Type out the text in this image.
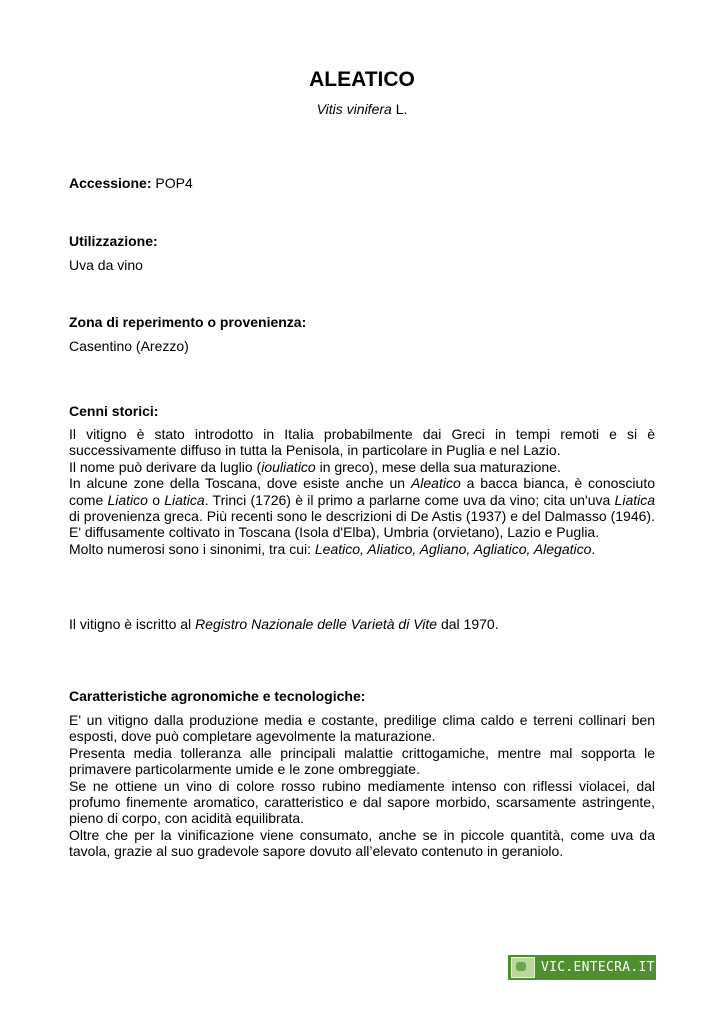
ALEATICO
Vitis vinifera L.
Accessione: POP4
Utilizzazione:
Uva da vino
Zona di reperimento o provenienza:
Casentino (Arezzo)
Cenni storici:
Il vitigno è stato introdotto in Italia probabilmente dai Greci in tempi remoti e si è successivamente diffuso in tutta la Penisola, in particolare in Puglia e nel Lazio.
Il nome può derivare da luglio (iouliatico in greco), mese della sua maturazione.
In alcune zone della Toscana, dove esiste anche un Aleatico a bacca bianca, è conosciuto come Liatico o Liatica. Trinci (1726) è il primo a parlarne come uva da vino; cita un'uva Liatica di provenienza greca. Più recenti sono le descrizioni di De Astis (1937) e del Dalmasso (1946).
E' diffusamente coltivato in Toscana (Isola d'Elba), Umbria (orvietano), Lazio e Puglia.
Molto numerosi sono i sinonimi, tra cui: Leatico, Aliatico, Agliano, Agliatico, Alegatico.
Il vitigno è iscritto al Registro Nazionale delle Varietà di Vite dal 1970.
Caratteristiche agronomiche e tecnologiche:
E' un vitigno dalla produzione media e costante, predilige clima caldo e terreni collinari ben esposti, dove può completare agevolmente la maturazione.
Presenta media tolleranza alle principali malattie crittogamiche, mentre mal sopporta le primavere particolarmente umide e le zone ombreggiate.
Se ne ottiene un vino di colore rosso rubino mediamente intenso con riflessi violacei, dal profumo finemente aromatico, caratteristico e dal sapore morbido, scarsamente astringente, pieno di corpo, con acidità equilibrata.
Oltre che per la vinificazione viene consumato, anche se in piccole quantità, come uva da tavola, grazie al suo gradevole sapore dovuto all’elevato contenuto in geraniolo.
VIC.ENTECRA.IT
